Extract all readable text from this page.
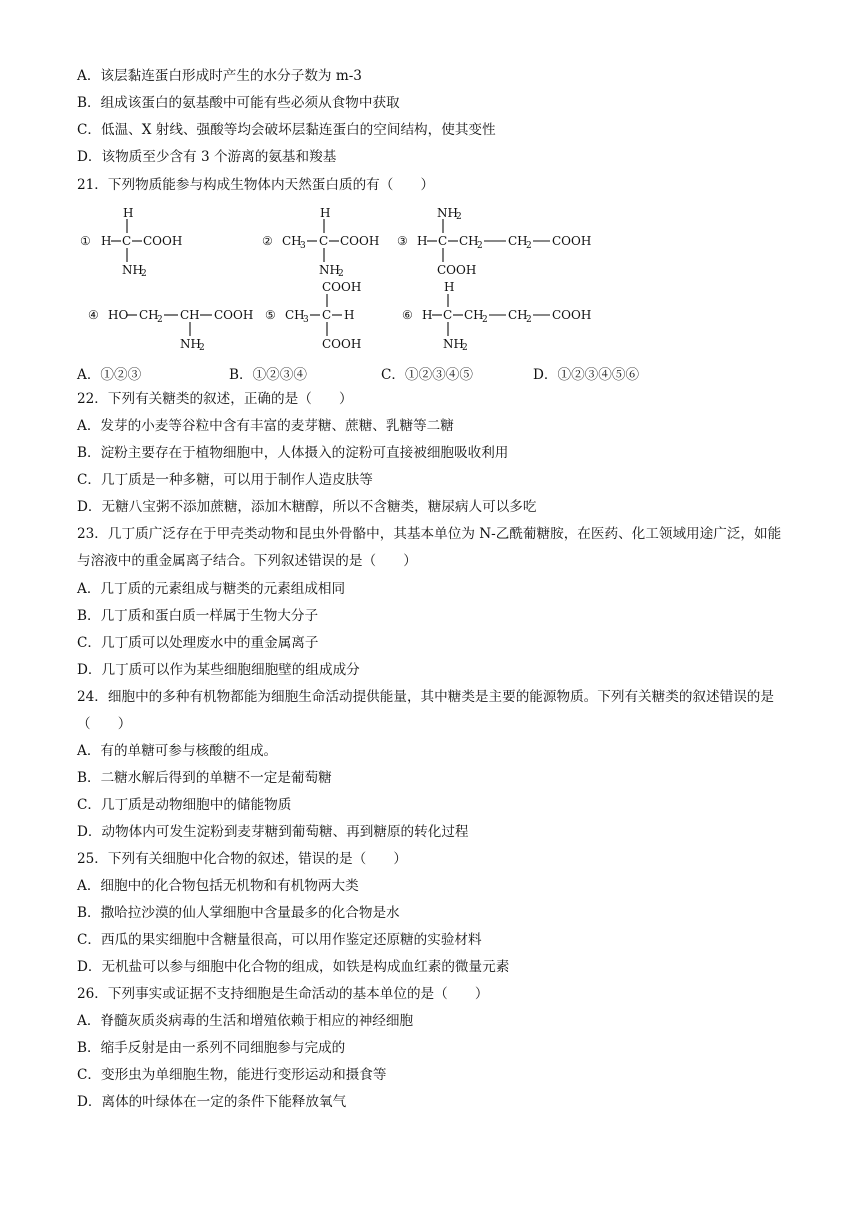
A．该层黏连蛋白形成时产生的水分子数为 m-3
B．组成该蛋白的氨基酸中可能有些必须从食物中获取
C．低温、X 射线、强酸等均会破坏层黏连蛋白的空间结构，使其变性
D．该物质至少含有 3 个游离的氨基和羧基
21．下列物质能参与构成生物体内天然蛋白质的有（　　）
① H C COOH
H
NH
2
② CH
3 C COOH
H
NH
2
③ H C CH
2 CH
2 COOH
NH
2
COOH
④ HO CH
2 CH COOH
NH
2
⑤ CH
3 C H
COOH
COOH
⑥ H C CH
2 CH
2 COOH
H
NH
2
A．①②③	B．①②③④	C．①②③④⑤	D．①②③④⑤⑥
22．下列有关糖类的叙述，正确的是（　　）
A．发芽的小麦等谷粒中含有丰富的麦芽糖、蔗糖、乳糖等二糖
B．淀粉主要存在于植物细胞中，人体摄入的淀粉可直接被细胞吸收利用
C．几丁质是一种多糖，可以用于制作人造皮肤等
D．无糖八宝粥不添加蔗糖，添加木糖醇，所以不含糖类，糖尿病人可以多吃
23．几丁质广泛存在于甲壳类动物和昆虫外骨骼中，其基本单位为 N-乙酰葡糖胺，在医药、化工领域用途广泛，如能与溶液中的重金属离子结合。下列叙述错误的是（　　）
A．几丁质的元素组成与糖类的元素组成相同
B．几丁质和蛋白质一样属于生物大分子
C．几丁质可以处理废水中的重金属离子
D．几丁质可以作为某些细胞细胞壁的组成成分
24．细胞中的多种有机物都能为细胞生命活动提供能量，其中糖类是主要的能源物质。下列有关糖类的叙述错误的是（　　）
A．有的单糖可参与核酸的组成。
B．二糖水解后得到的单糖不一定是葡萄糖
C．几丁质是动物细胞中的储能物质
D．动物体内可发生淀粉到麦芽糖到葡萄糖、再到糖原的转化过程
25．下列有关细胞中化合物的叙述，错误的是（　　）
A．细胞中的化合物包括无机物和有机物两大类
B．撒哈拉沙漠的仙人掌细胞中含量最多的化合物是水
C．西瓜的果实细胞中含糖量很高，可以用作鉴定还原糖的实验材料
D．无机盐可以参与细胞中化合物的组成，如铁是构成血红素的微量元素
26．下列事实或证据不支持细胞是生命活动的基本单位的是（　　）
A．脊髓灰质炎病毒的生活和增殖依赖于相应的神经细胞
B．缩手反射是由一系列不同细胞参与完成的
C．变形虫为单细胞生物，能进行变形运动和摄食等
D．离体的叶绿体在一定的条件下能释放氧气
